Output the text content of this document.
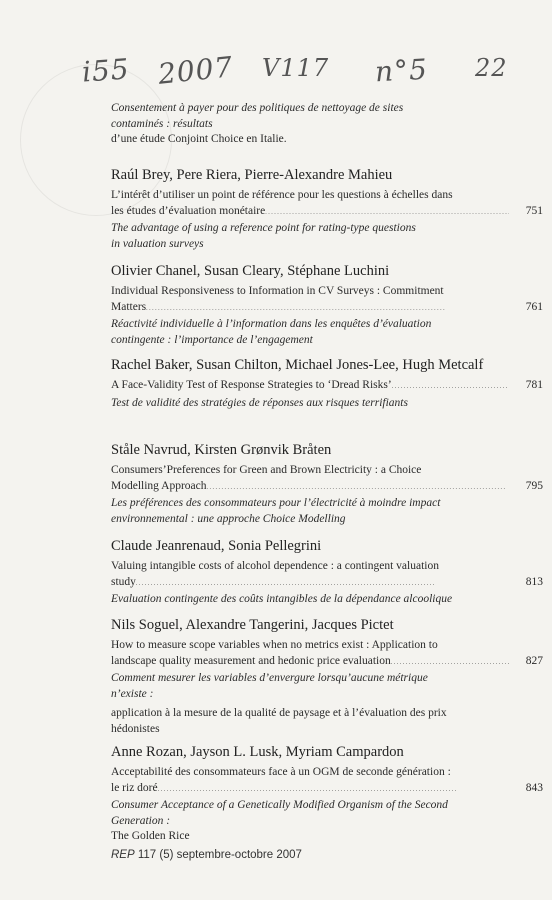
i55 2007 V117 n°5 22
Consentement à payer pour des politiques de nettoyage de sites
contaminés : résultats
d’une étude Conjoint Choice en Italie.
Raúl Brey, Pere Riera, Pierre-Alexandre Mahieu
L’intérêt d’utiliser un point de référence pour les questions à échelles dans
les études d’évaluation monétaire . . .	751
The advantage of using a reference point for rating-type questions
in valuation surveys
Olivier Chanel, Susan Cleary, Stéphane Luchini
Individual Responsiveness to Information in CV Surveys : Commitment
Matters . . .	761
Réactivité individuelle à l’information dans les enquêtes d’évaluation
contingente : l’importance de l’engagement
Rachel Baker, Susan Chilton, Michael Jones-Lee, Hugh Metcalf
A Face-Validity Test of Response Strategies to ‘Dread Risks’ . . .	781
Test de validité des stratégies de réponses aux risques terrifiants
Ståle Navrud, Kirsten Grønvik Bråten
Consumers’Preferences for Green and Brown Electricity : a Choice
Modelling Approach . . .	795
Les préférences des consommateurs pour l’électricité à moindre impact
environnemental : une approche Choice Modelling
Claude Jeanrenaud, Sonia Pellegrini
Valuing intangible costs of alcohol dependence : a contingent valuation
study . . .	813
Evaluation contingente des coûts intangibles de la dépendance alcoolique
Nils Soguel, Alexandre Tangerini, Jacques Pictet
How to measure scope variables when no metrics exist : Application to
landscape quality measurement and hedonic price evaluation . . .	827
Comment mesurer les variables d’envergure lorsqu’aucune métrique
n’existe :
application à la mesure de la qualité de paysage et à l’évaluation des prix
hédonistes
Anne Rozan, Jayson L. Lusk, Myriam Campardon
Acceptabilité des consommateurs face à un OGM de seconde génération :
le riz doré . . .	843
Consumer Acceptance of a Genetically Modified Organism of the Second
Generation :
The Golden Rice
REP 117 (5) septembre-octobre 2007
